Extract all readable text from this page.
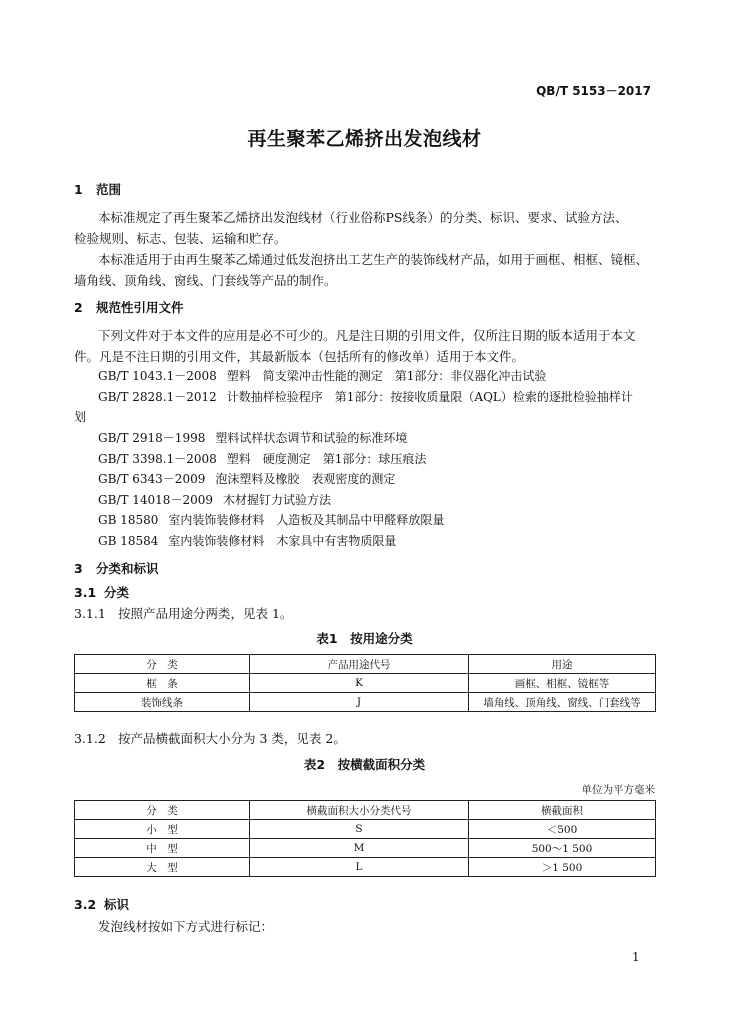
QB/T 5153－2017
再生聚苯乙烯挤出发泡线材
1 范围
本标准规定了再生聚苯乙烯挤出发泡线材（行业俗称PS线条）的分类、标识、要求、试验方法、
检验规则、标志、包装、运输和贮存。
本标准适用于由再生聚苯乙烯通过低发泡挤出工艺生产的装饰线材产品，如用于画框、相框、镜框、
墙角线、顶角线、窗线、门套线等产品的制作。
2 规范性引用文件
下列文件对于本文件的应用是必不可少的。凡是注日期的引用文件，仅所注日期的版本适用于本文
件。凡是不注日期的引用文件，其最新版本（包括所有的修改单）适用于本文件。
GB/T 1043.1－2008 塑料　简支梁冲击性能的测定　第1部分：非仪器化冲击试验
GB/T 2828.1－2012 计数抽样检验程序　第1部分：按接收质量限（AQL）检索的逐批检验抽样计
划
GB/T 2918－1998 塑料试样状态调节和试验的标准环境
GB/T 3398.1－2008 塑料　硬度测定　第1部分：球压痕法
GB/T 6343－2009 泡沫塑料及橡胶　表观密度的测定
GB/T 14018－2009 木材握钉力试验方法
GB 18580 室内装饰装修材料　人造板及其制品中甲醛释放限量
GB 18584 室内装饰装修材料　木家具中有害物质限量
3 分类和标识
3.1 分类
3.1.1 按照产品用途分两类，见表 1。
表1　按用途分类
分　类	产品用途代号	用途
框　条	K	画框、相框、镜框等
装饰线条	J	墙角线、顶角线、窗线、门套线等
3.1.2 按产品横截面积大小分为 3 类，见表 2。
表2　按横截面积分类
单位为平方毫米
分　类	横截面积大小分类代号	横截面积
小　型	S	＜500
中　型	M	500～1 500
大　型	L	＞1 500
3.2 标识
发泡线材按如下方式进行标记：
1
